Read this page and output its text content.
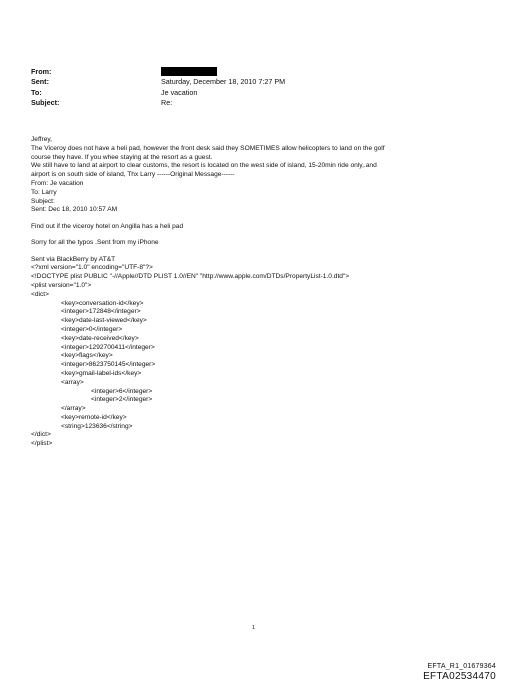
From:
Sent:	Saturday, December 18, 2010 7:27 PM
To:	Je vacation
Subject:	Re:
Jeffrey,
The Viceroy does not have a heli pad, however the front desk said they SOMETIMES allow helicopters to land on the golf
course they have. If you whee staying at the resort as a guest.
We still have to land at airport to clear customs, the resort is located on the west side of island, 15-20min ride only,.and
airport is on south side of island, Thx Larry ------Original Message------
From: Je vacation
To: Larry
Subject:
Sent: Dec 18, 2010 10:57 AM
Find out if the viceroy hotel on Angilla has a heli pad
Sorry for all the typos .Sent from my iPhone
Sent via BlackBerry by AT&T
<?xml version="1.0" encoding="UTF-8"?>
<!DOCTYPE plist PUBLIC "-//Apple//DTD PLIST 1.0//EN" "http://www.apple.com/DTDs/PropertyList-1.0.dtd">
<plist version="1.0">
<dict>
<key>conversation-id</key>
<integer>172848</integer>
<key>date-last-viewed</key>
<integer>0</integer>
<key>date-received</key>
<integer>1292700411</integer>
<key>flags</key>
<integer>8623750145</integer>
<key>gmail-label-ids</key>
<array>
<integer>6</integer>
<integer>2</integer>
</array>
<key>remote-id</key>
<string>123636</string>
</dict>
</plist>
1
EFTA_R1_01679364
EFTA02534470
